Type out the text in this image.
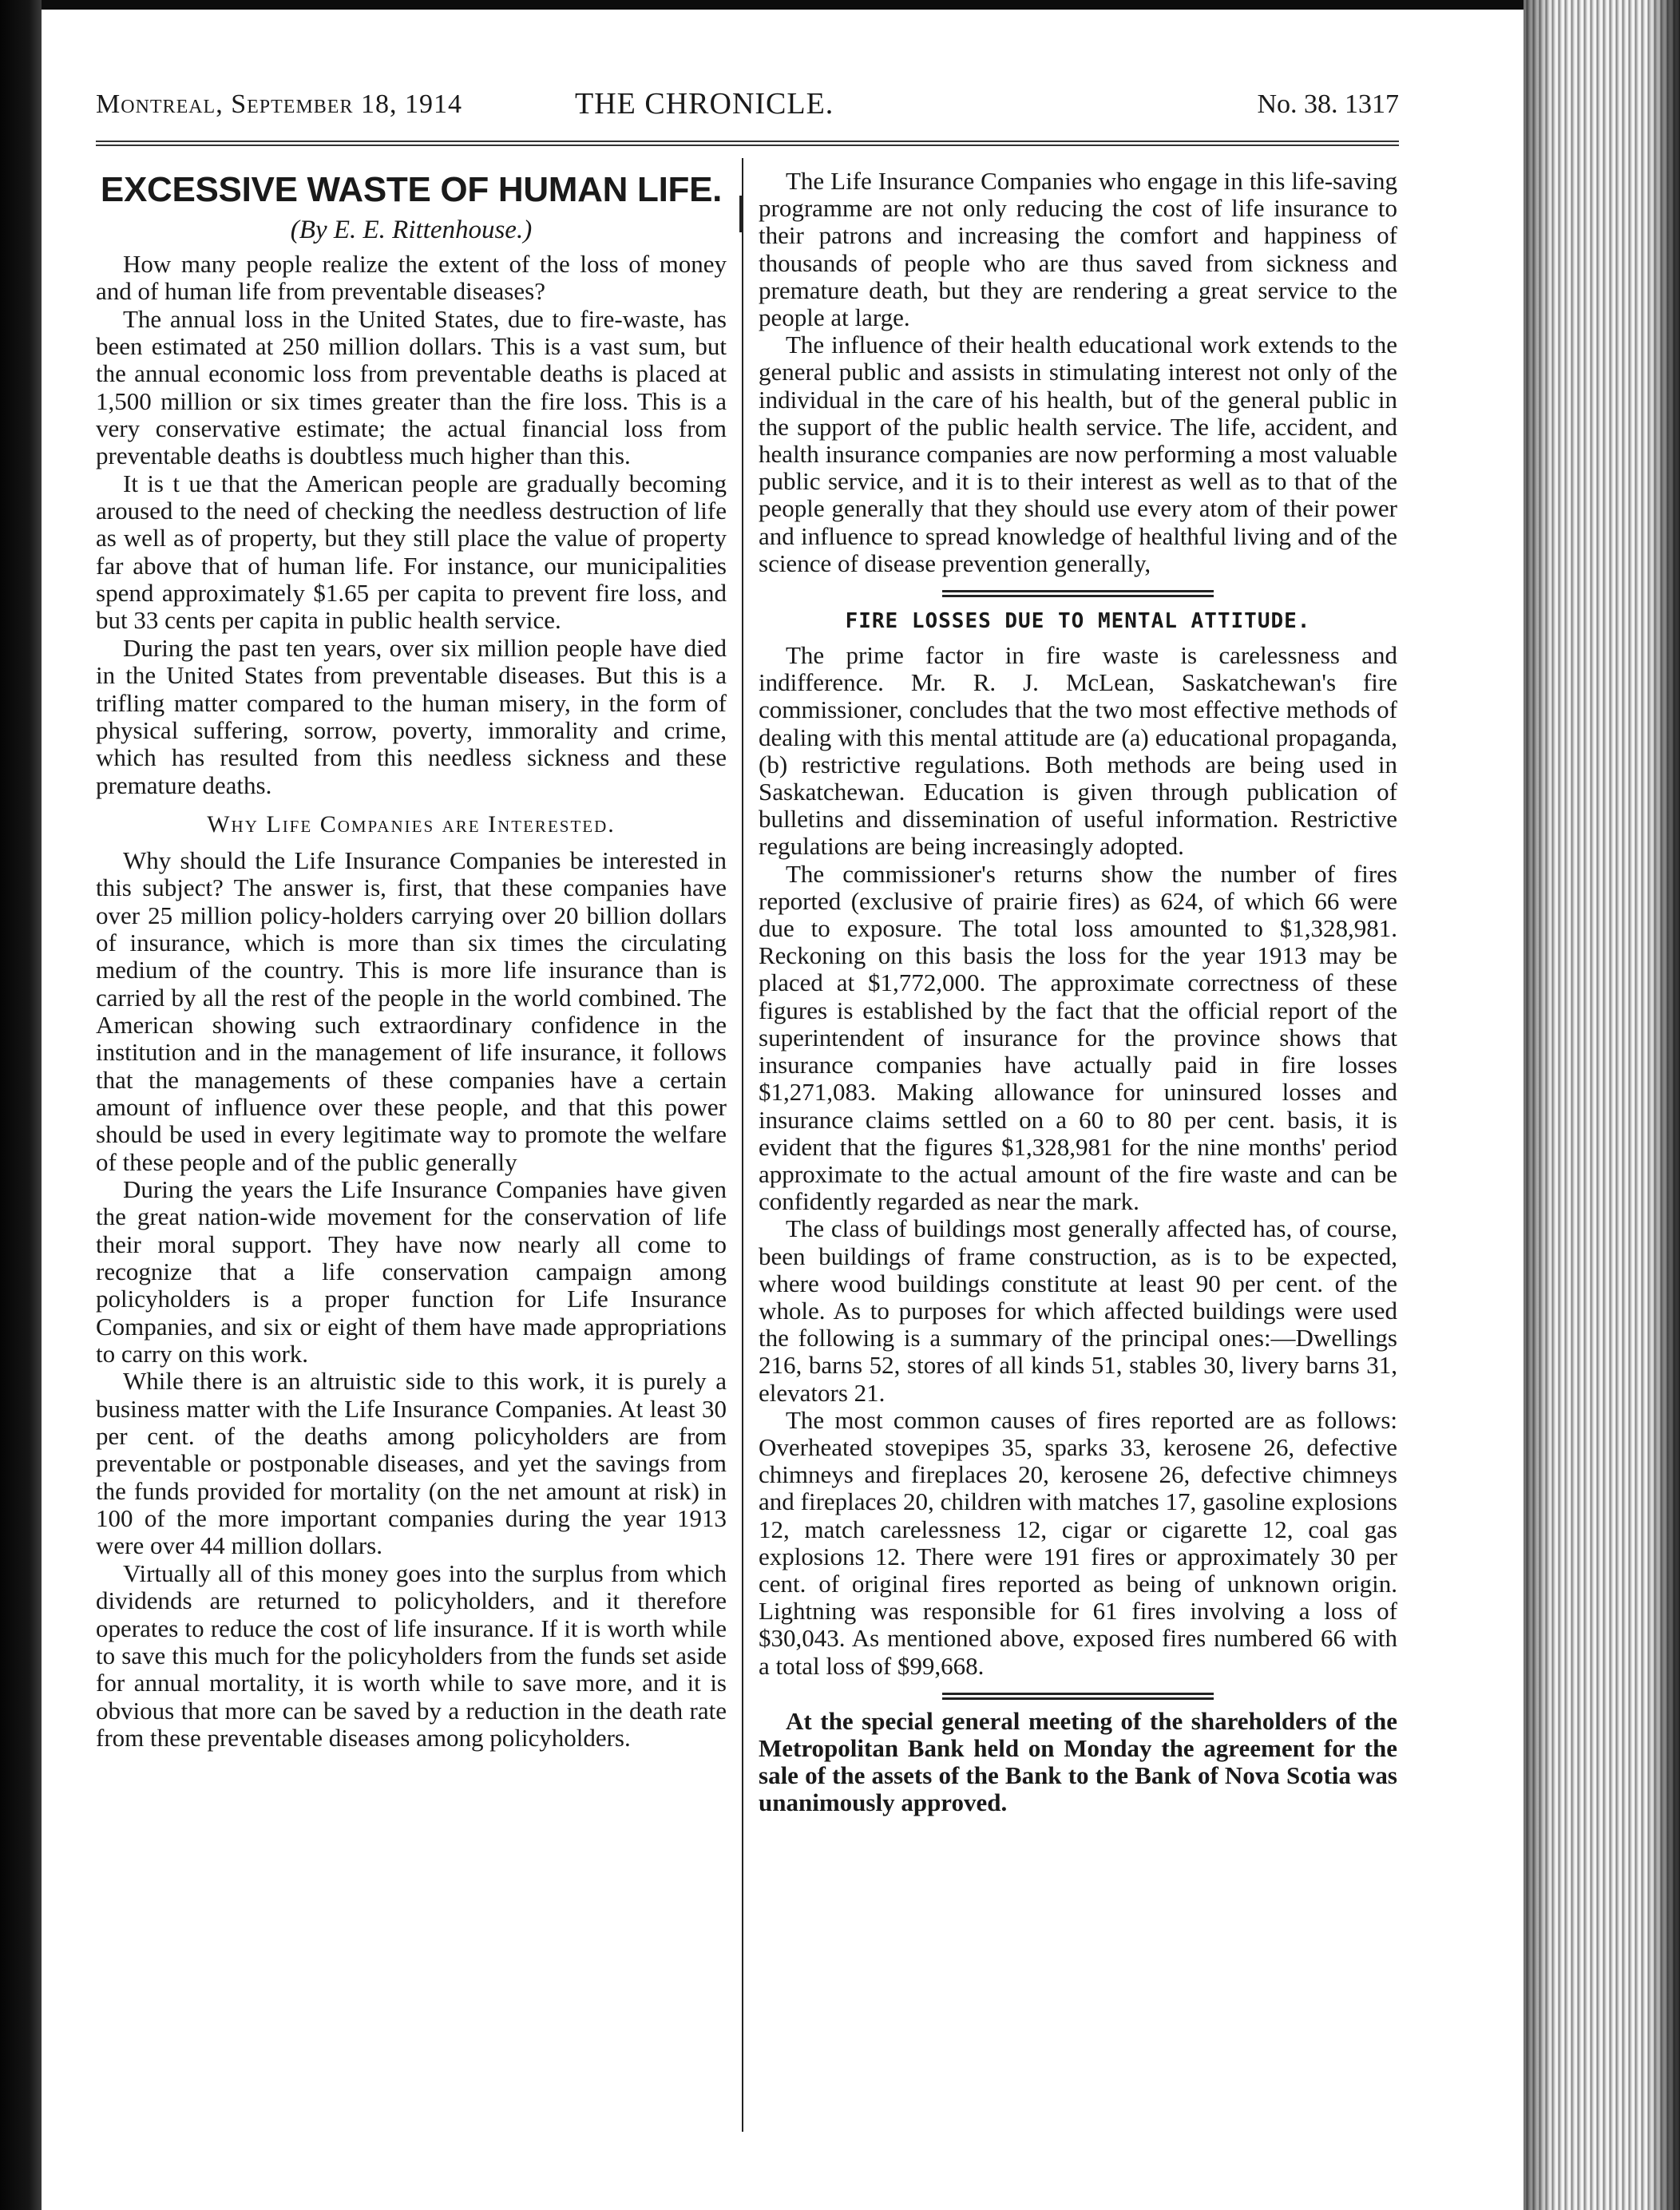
Montreal, September 18, 1914	THE CHRONICLE.	No. 38. 1317
EXCESSIVE WASTE OF HUMAN LIFE.
(By E. E. Rittenhouse.)

How many people realize the extent of the loss of money and of human life from preventable diseases?

The annual loss in the United States, due to fire-waste, has been estimated at 250 million dollars. This is a vast sum, but the annual economic loss from preventable deaths is placed at 1,500 million or six times greater than the fire loss. This is a very conservative estimate; the actual financial loss from preventable deaths is doubtless much higher than this.

It is t ue that the American people are gradually becoming aroused to the need of checking the needless destruction of life as well as of property, but they still place the value of property far above that of human life. For instance, our municipalities spend approximately $1.65 per capita to prevent fire loss, and but 33 cents per capita in public health service.

During the past ten years, over six million people have died in the United States from preventable diseases. But this is a trifling matter compared to the human misery, in the form of physical suffering, sorrow, poverty, immorality and crime, which has resulted from this needless sickness and these premature deaths.

Why Life Companies are Interested.

Why should the Life Insurance Companies be interested in this subject? The answer is, first, that these companies have over 25 million policy-holders carrying over 20 billion dollars of insurance, which is more than six times the circulating medium of the country. This is more life insurance than is carried by all the rest of the people in the world combined. The American showing such extraordinary confidence in the institution and in the management of life insurance, it follows that the managements of these companies have a certain amount of influence over these people, and that this power should be used in every legitimate way to promote the welfare of these people and of the public generally

During the years the Life Insurance Companies have given the great nation-wide movement for the conservation of life their moral support. They have now nearly all come to recognize that a life conservation campaign among policyholders is a proper function for Life Insurance Companies, and six or eight of them have made appropriations to carry on this work.

While there is an altruistic side to this work, it is purely a business matter with the Life Insurance Companies. At least 30 per cent. of the deaths among policyholders are from preventable or postponable diseases, and yet the savings from the funds provided for mortality (on the net amount at risk) in 100 of the more important companies during the year 1913 were over 44 million dollars.

Virtually all of this money goes into the surplus from which dividends are returned to policyholders, and it therefore operates to reduce the cost of life insurance. If it is worth while to save this much for the policyholders from the funds set aside for annual mortality, it is worth while to save more, and it is obvious that more can be saved by a reduction in the death rate from these preventable diseases among policyholders.

The Life Insurance Companies who engage in this life-saving programme are not only reducing the cost of life insurance to their patrons and increasing the comfort and happiness of thousands of people who are thus saved from sickness and premature death, but they are rendering a great service to the people at large.

The influence of their health educational work extends to the general public and assists in stimulating interest not only of the individual in the care of his health, but of the general public in the support of the public health service. The life, accident, and health insurance companies are now performing a most valuable public service, and it is to their interest as well as to that of the people generally that they should use every atom of their power and influence to spread knowledge of healthful living and of the science of disease prevention generally,

FIRE LOSSES DUE TO MENTAL ATTITUDE.

The prime factor in fire waste is carelessness and indifference. Mr. R. J. McLean, Saskatchewan's fire commissioner, concludes that the two most effective methods of dealing with this mental attitude are (a) educational propaganda, (b) restrictive regulations. Both methods are being used in Saskatchewan. Education is given through publication of bulletins and dissemination of useful information. Restrictive regulations are being increasingly adopted.

The commissioner's returns show the number of fires reported (exclusive of prairie fires) as 624, of which 66 were due to exposure. The total loss amounted to $1,328,981. Reckoning on this basis the loss for the year 1913 may be placed at $1,772,000. The approximate correctness of these figures is established by the fact that the official report of the superintendent of insurance for the province shows that insurance companies have actually paid in fire losses $1,271,083. Making allowance for uninsured losses and insurance claims settled on a 60 to 80 per cent. basis, it is evident that the figures $1,328,981 for the nine months' period approximate to the actual amount of the fire waste and can be confidently regarded as near the mark.

The class of buildings most generally affected has, of course, been buildings of frame construction, as is to be expected, where wood buildings constitute at least 90 per cent. of the whole. As to purposes for which affected buildings were used the following is a summary of the principal ones:—Dwellings 216, barns 52, stores of all kinds 51, stables 30, livery barns 31, elevators 21.

The most common causes of fires reported are as follows: Overheated stovepipes 35, sparks 33, kerosene 26, defective chimneys and fireplaces 20, kerosene 26, defective chimneys and fireplaces 20, children with matches 17, gasoline explosions 12, match carelessness 12, cigar or cigarette 12, coal gas explosions 12. There were 191 fires or approximately 30 per cent. of original fires reported as being of unknown origin. Lightning was responsible for 61 fires involving a loss of $30,043. As mentioned above, exposed fires numbered 66 with a total loss of $99,668.

At the special general meeting of the shareholders of the Metropolitan Bank held on Monday the agreement for the sale of the assets of the Bank to the Bank of Nova Scotia was unanimously approved.
